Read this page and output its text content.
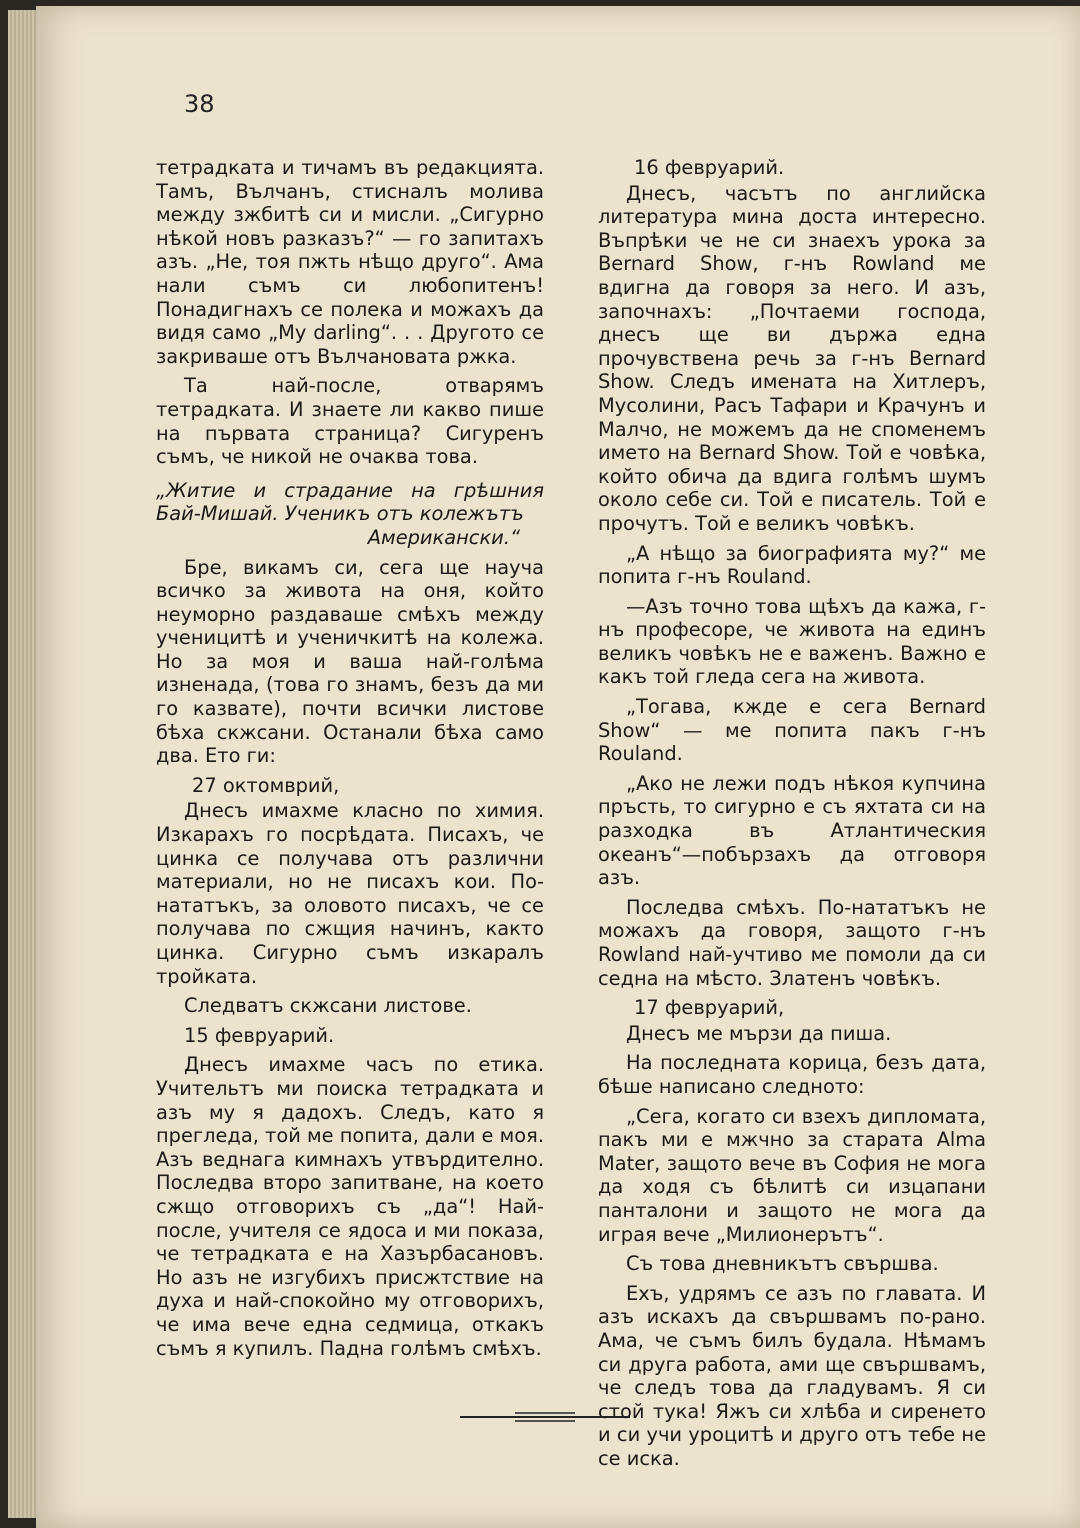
38

тетрадката и тичамъ въ редакцията. Тамъ, Вълчанъ, стисналъ молива между зжбитѣ си и мисли. „Сигурно нѣкой новъ разказъ?“ — го запитахъ азъ. „Не, тоя пжть нѣщо друго“. Ама нали съмъ си любопитенъ! Понадигнахъ се полека и можахъ да видя само „My darling“. . . Другото се закриваше отъ Вълчановата ржка.

Та най-после, отварямъ тетрадката. И знаете ли какво пише на първата страница? Сигуренъ съмъ, че никой не очаква това.

„Житие и страдание на грѣшния Бай-Мишай. Ученикъ отъ колежътъ
Американски.“

Бре, викамъ си, сега ще науча всичко за живота на оня, който неуморно раздаваше смѣхъ между ученицитѣ и ученичкитѣ на колежа. Но за моя и ваша най-голѣма изненада, (това го знамъ, безъ да ми го казвате), почти всички листове бѣха скжсани. Останали бѣха само два. Ето ги:

27 октомврий,

Днесъ имахме класно по химия. Изкарахъ го посрѣдата. Писахъ, че цинка се получава отъ различни материали, но не писахъ кои. По-нататъкъ, за оловото писахъ, че се получава по сжщия начинъ, както цинка. Сигурно съмъ изкаралъ тройката.

Следватъ скжсани листове.

15 февруарий.

Днесъ имахме часъ по етика. Учительтъ ми поиска тетрадката и азъ му я дадохъ. Следъ, като я прегледа, той ме попита, дали е моя. Азъ веднага кимнахъ утвърдително. Последва второ запитване, на което сжщо отговорихъ съ „да“! Най-после, учителя се ядоса и ми показа, че тетрадката е на Хазърбасановъ. Но азъ не изгубихъ присжтствие на духа и най-спокойно му отговорихъ, че има вече една седмица, откакъ съмъ я купилъ. Падна голѣмъ смѣхъ.

16 февруарий.

Днесъ, часътъ по английска литература мина доста интересно. Въпрѣки че не си знаехъ урока за Bernard Show, г-нъ Rowland ме вдигна да говоря за него. И азъ, започнахъ: „Почтаеми господа, днесъ ще ви държа една прочувствена речь за г-нъ Bernard Show. Следъ имената на Хитлеръ, Мусолини, Расъ Тафари и Крачунъ и Малчо, не можемъ да не споменемъ името на Bernard Show. Той е човѣка, който обича да вдига голѣмъ шумъ около себе си. Той е писатель. Той е прочутъ. Той е великъ човѣкъ.

„А нѣщо за биографията му?“ ме попита г-нъ Rouland.

—Азъ точно това щѣхъ да кажа, г-нъ професоре, че живота на единъ великъ човѣкъ не е важенъ. Важно е какъ той гледа сега на живота.

„Тогава, кжде е сега Bernard Show“ — ме попита пакъ г-нъ Rouland.

„Ако не лежи подъ нѣкоя купчина пръсть, то сигурно е съ яхтата си на разходка въ Атлантическия океанъ“—побързахъ да отговоря азъ.

Последва смѣхъ. По-нататъкъ не можахъ да говоря, защото г-нъ Rowland най-учтиво ме помоли да си седна на мѣсто. Златенъ човѣкъ.

17 февруарий,

Днесъ ме мързи да пиша.

На последната корица, безъ дата, бѣше написано следното:

„Сега, когато си взехъ дипломата, пакъ ми е мжчно за старата Alma Mater, защото вече въ София не мога да ходя съ бѣлитѣ си изцапани панталони и защото не мога да играя вече „Милионерътъ“.

Съ това дневникътъ свършва.

Ехъ, удрямъ се азъ по главата. И азъ искахъ да свършвамъ по-рано. Ама, че съмъ билъ будала. Нѣмамъ си друга работа, ами ще свършвамъ, че следъ това да гладувамъ. Я си стой тука! Яжъ си хлѣба и сиренето и си учи уроцитѣ и друго отъ тебе не се иска.
